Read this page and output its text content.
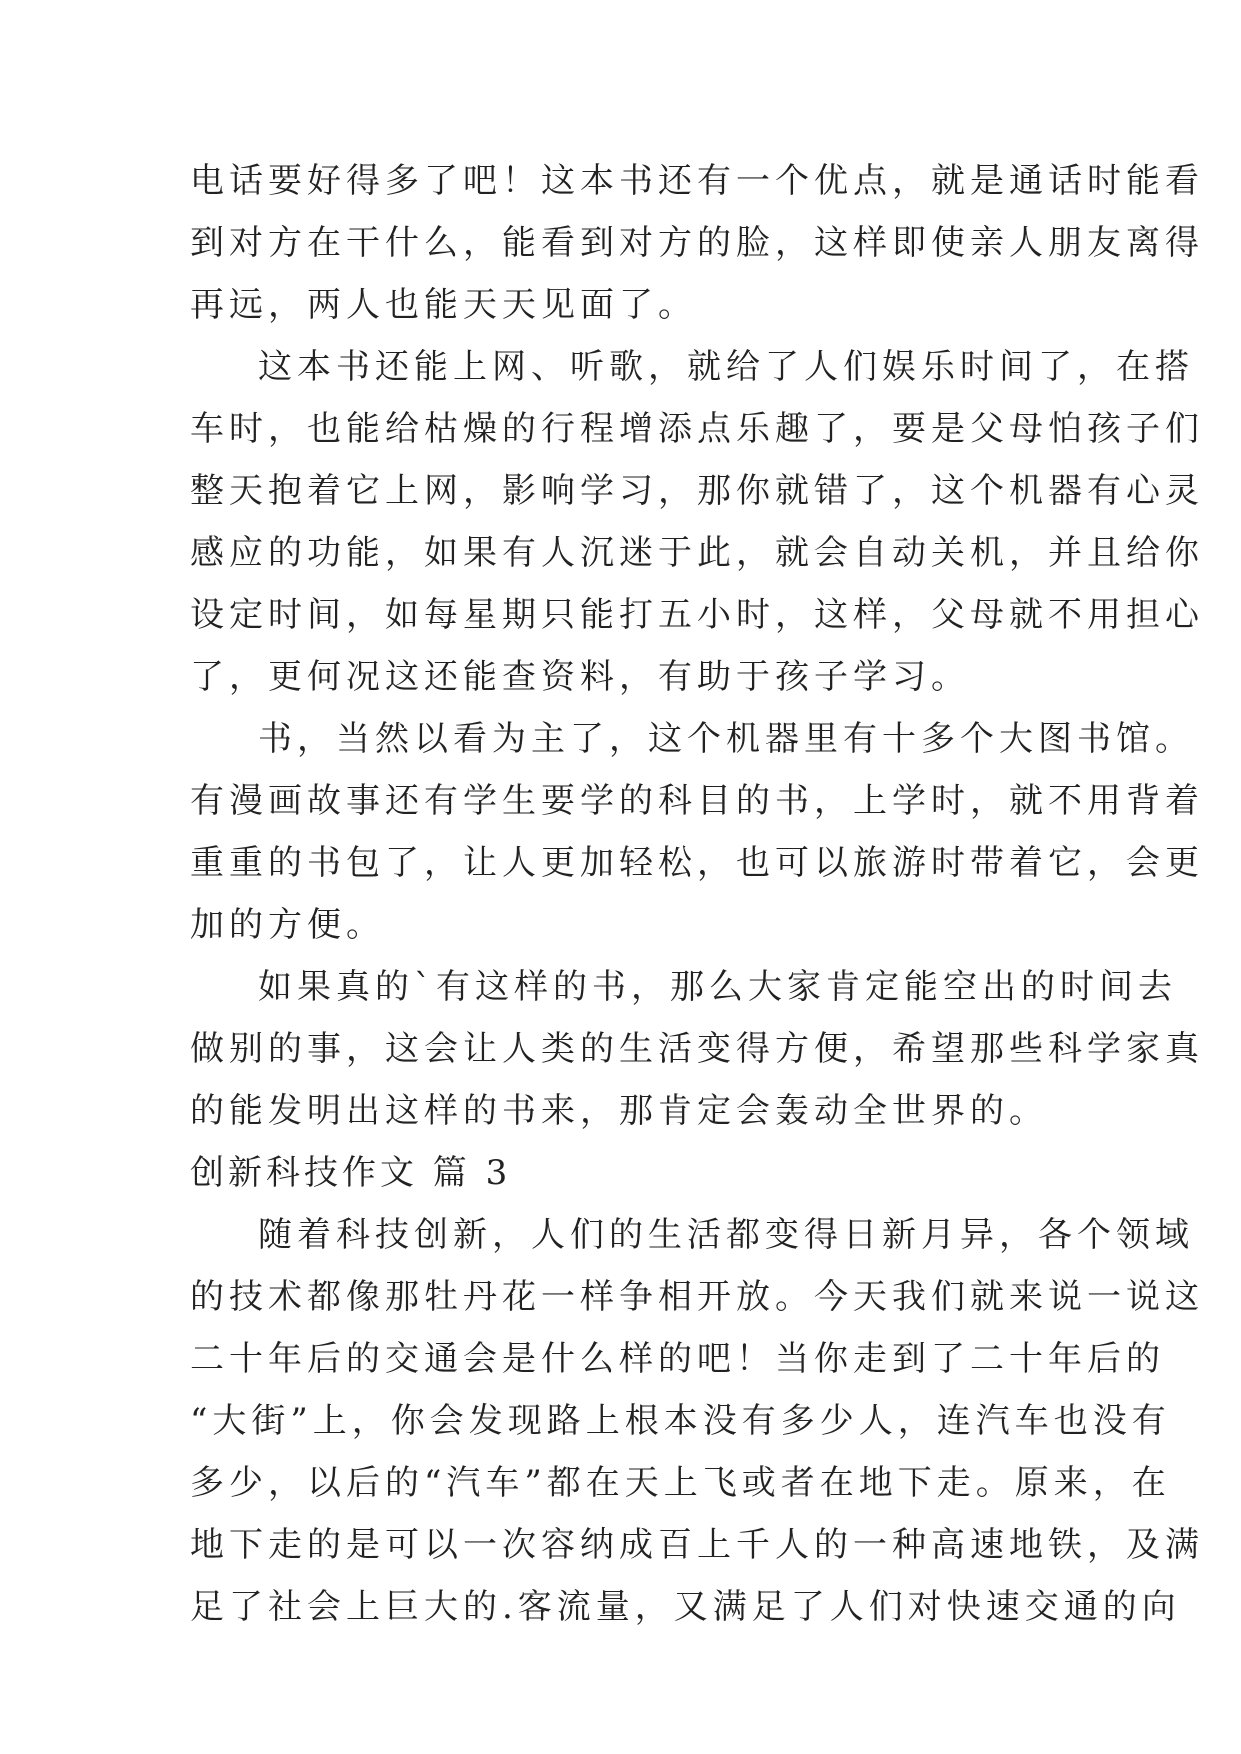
电话要好得多了吧！这本书还有一个优点，就是通话时能看
到对方在干什么，能看到对方的脸，这样即使亲人朋友离得
再远，两人也能天天见面了。

这本书还能上网、听歌，就给了人们娱乐时间了，在搭
车时，也能给枯燥的行程增添点乐趣了，要是父母怕孩子们
整天抱着它上网，影响学习，那你就错了，这个机器有心灵
感应的功能，如果有人沉迷于此，就会自动关机，并且给你
设定时间，如每星期只能打五小时，这样，父母就不用担心
了，更何况这还能查资料，有助于孩子学习。

书，当然以看为主了，这个机器里有十多个大图书馆。
有漫画故事还有学生要学的科目的书，上学时，就不用背着
重重的书包了，让人更加轻松，也可以旅游时带着它，会更
加的方便。

如果真的`有这样的书，那么大家肯定能空出的时间去
做别的事，这会让人类的生活变得方便，希望那些科学家真
的能发明出这样的书来，那肯定会轰动全世界的。

创新科技作文 篇 3

随着科技创新，人们的生活都变得日新月异，各个领域
的技术都像那牡丹花一样争相开放。今天我们就来说一说这
二十年后的交通会是什么样的吧！当你走到了二十年后的
“大街”上，你会发现路上根本没有多少人，连汽车也没有
多少，以后的“汽车”都在天上飞或者在地下走。原来，在
地下走的是可以一次容纳成百上千人的一种高速地铁，及满
足了社会上巨大的.客流量，又满足了人们对快速交通的向
